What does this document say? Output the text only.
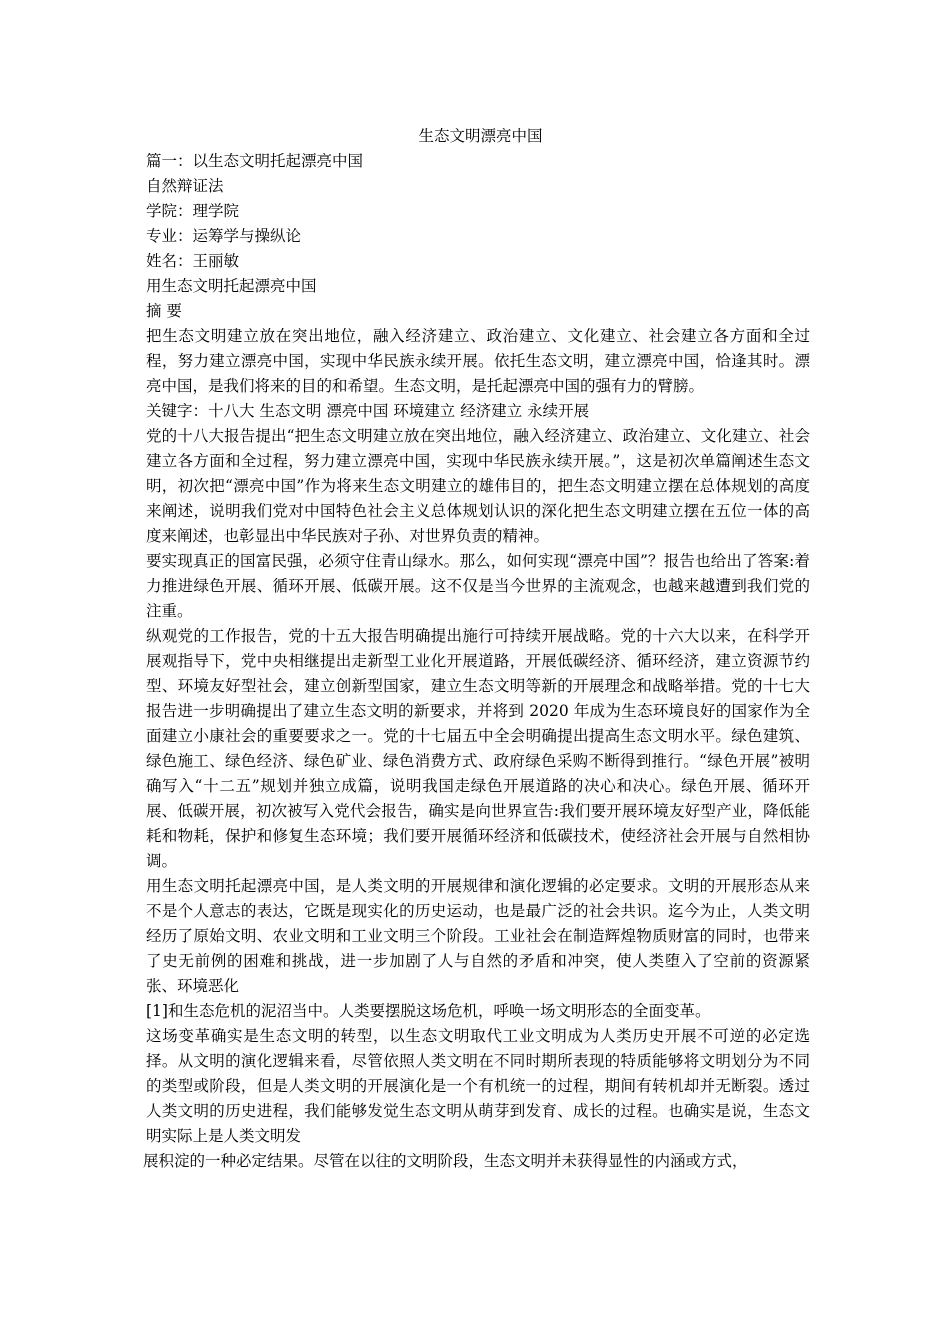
生态文明漂亮中国

篇一：以生态文明托起漂亮中国

自然辩证法

学院：理学院

专业：运筹学与操纵论

姓名：王丽敏

用生态文明托起漂亮中国

摘 要

把生态文明建立放在突出地位，融入经济建立、政治建立、文化建立、社会建立各方面和全过程，努力建立漂亮中国，实现中华民族永续开展。依托生态文明，建立漂亮中国，恰逢其时。漂亮中国，是我们将来的目的和希望。生态文明，是托起漂亮中国的强有力的臂膀。

关键字：十八大 生态文明 漂亮中国 环境建立 经济建立 永续开展

党的十八大报告提出“把生态文明建立放在突出地位，融入经济建立、政治建立、文化建立、社会建立各方面和全过程，努力建立漂亮中国，实现中华民族永续开展。”，这是初次单篇阐述生态文明，初次把“漂亮中国”作为将来生态文明建立的雄伟目的，把生态文明建立摆在总体规划的高度来阐述，说明我们党对中国特色社会主义总体规划认识的深化把生态文明建立摆在五位一体的高度来阐述，也彰显出中华民族对子孙、对世界负责的精神。

要实现真正的国富民强，必须守住青山绿水。那么，如何实现“漂亮中国”？报告也给出了答案:着力推进绿色开展、循环开展、低碳开展。这不仅是当今世界的主流观念，也越来越遭到我们党的注重。

纵观党的工作报告，党的十五大报告明确提出施行可持续开展战略。党的十六大以来，在科学开展观指导下，党中央相继提出走新型工业化开展道路，开展低碳经济、循环经济，建立资源节约型、环境友好型社会，建立创新型国家，建立生态文明等新的开展理念和战略举措。党的十七大报告进一步明确提出了建立生态文明的新要求，并将到 2020 年成为生态环境良好的国家作为全面建立小康社会的重要要求之一。党的十七届五中全会明确提出提高生态文明水平。绿色建筑、绿色施工、绿色经济、绿色矿业、绿色消费方式、政府绿色采购不断得到推行。“绿色开展”被明确写入“十二五”规划并独立成篇，说明我国走绿色开展道路的决心和决心。绿色开展、循环开展、低碳开展，初次被写入党代会报告，确实是向世界宣告:我们要开展环境友好型产业，降低能耗和物耗，保护和修复生态环境；我们要开展循环经济和低碳技术，使经济社会开展与自然相协调。

用生态文明托起漂亮中国，是人类文明的开展规律和演化逻辑的必定要求。文明的开展形态从来不是个人意志的表达，它既是现实化的历史运动，也是最广泛的社会共识。迄今为止，人类文明经历了原始文明、农业文明和工业文明三个阶段。工业社会在制造辉煌物质财富的同时，也带来了史无前例的困难和挑战，进一步加剧了人与自然的矛盾和冲突，使人类堕入了空前的资源紧张、环境恶化

[1]和生态危机的泥沼当中。人类要摆脱这场危机，呼唤一场文明形态的全面变革。

这场变革确实是生态文明的转型，以生态文明取代工业文明成为人类历史开展不可逆的必定选择。从文明的演化逻辑来看，尽管依照人类文明在不同时期所表现的特质能够将文明划分为不同的类型或阶段，但是人类文明的开展演化是一个有机统一的过程，期间有转机却并无断裂。透过人类文明的历史进程，我们能够发觉生态文明从萌芽到发育、成长的过程。也确实是说，生态文明实际上是人类文明发

展积淀的一种必定结果。尽管在以往的文明阶段，生态文明并未获得显性的内涵或方式，
